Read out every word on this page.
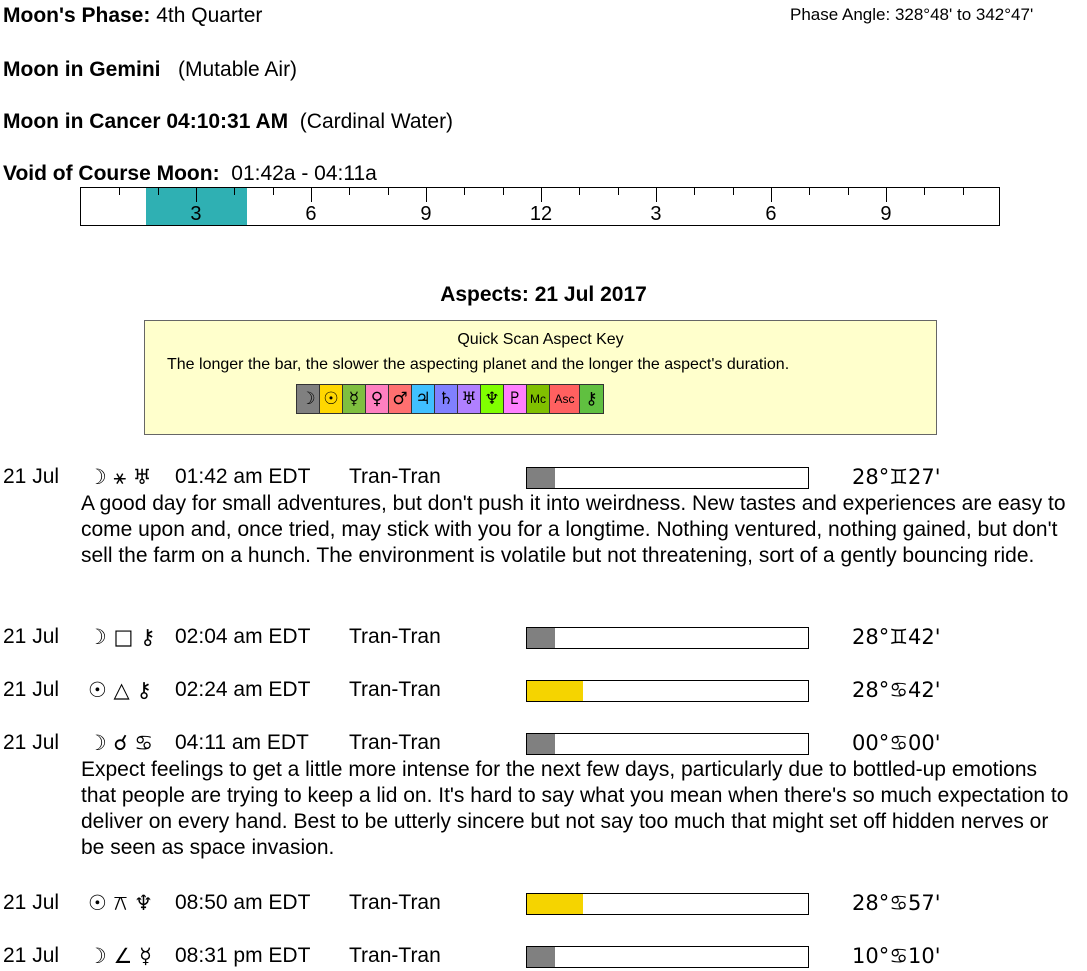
Moon's Phase: 4th Quarter	Phase Angle: 328°48' to 342°47'
Moon in Gemini (Mutable Air)
Moon in Cancer 04:10:31 AM (Cardinal Water)
Void of Course Moon: 01:42a - 04:11a
3	6	9	12	3	6	9
Aspects: 21 Jul 2017
Quick Scan Aspect Key
The longer the bar, the slower the aspecting planet and the longer the aspect's duration.
☽ ☉ ☿ ♀ ♂ ♃ ♄ ♅ ♆ ♇ Mc Asc ⚷
21 Jul ☽ ⚹ ♅ 01:42 am EDT Tran-Tran	28°♊27'
A good day for small adventures, but don't push it into weirdness. New tastes and experiences are easy to come upon and, once tried, may stick with you for a longtime. Nothing ventured, nothing gained, but don't sell the farm on a hunch. The environment is volatile but not threatening, sort of a gently bouncing ride.
21 Jul ☽ □ ⚷ 02:04 am EDT Tran-Tran	28°♊42'
21 Jul ☉ △ ⚷ 02:24 am EDT Tran-Tran	28°♋42'
21 Jul ☽ ☌ ♋ 04:11 am EDT Tran-Tran	00°♋00'
Expect feelings to get a little more intense for the next few days, particularly due to bottled-up emotions that people are trying to keep a lid on. It's hard to say what you mean when there's so much expectation to deliver on every hand. Best to be utterly sincere but not say too much that might set off hidden nerves or be seen as space invasion.
21 Jul ☉ ⚻ ♆ 08:50 am EDT Tran-Tran	28°♋57'
21 Jul ☽ ∠ ☿ 08:31 pm EDT Tran-Tran	10°♋10'
